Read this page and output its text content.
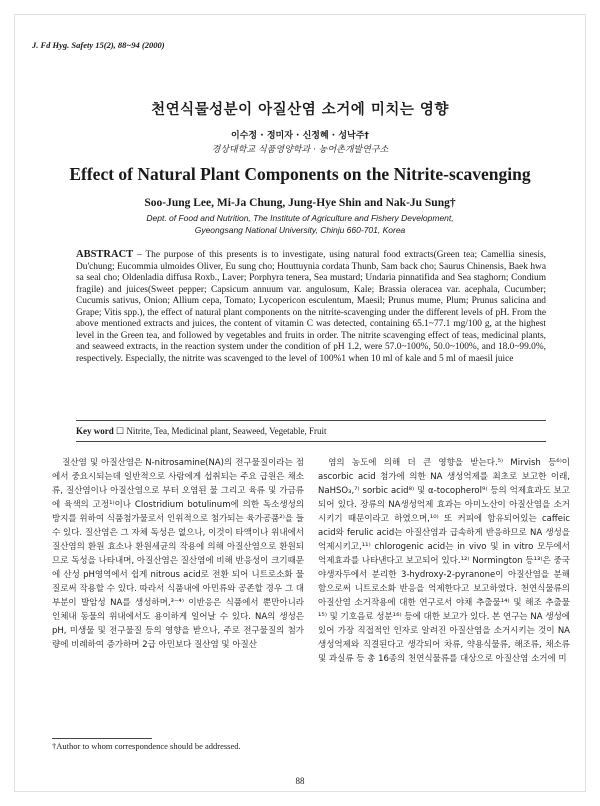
J. Fd Hyg. Safety 15(2), 88~94 (2000)
천연식물성분이 아질산염 소거에 미치는 영향
이수정 · 정미자 · 신정혜 · 성낙주†
경상대학교 식품영양학과 · 농어촌개발연구소
Effect of Natural Plant Components on the Nitrite-scavenging
Soo-Jung Lee, Mi-Ja Chung, Jung-Hye Shin and Nak-Ju Sung†
Dept. of Food and Nutrition, The Institute of Agriculture and Fishery Development,
Gyeongsang National University, Chinju 660-701, Korea
ABSTRACT – The purpose of this presents is to investigate, using natural food extracts(Green tea; Camellia sinesis, Du'chung; Eucommia ulmoides Oliver, Eu sung cho; Houttuynia cordata Thunb, Sam back cho; Saurus Chinensis, Baek hwa sa seal cho; Oldenladia diffusa Roxb., Laver; Porphyra tenera, Sea mustard; Undaria pinnatifida and Sea staghorn; Condium fragile) and juices(Sweet pepper; Capsicum annuum var. angulosum, Kale; Brassia oleracea var. acephala, Cucumber; Cucumis sativus, Onion; Allium cepa, Tomato; Lycopericon esculentum, Maesil; Prunus mume, Plum; Prunus salicina and Grape; Vitis spp.), the effect of natural plant components on the nitrite-scavenging under the different levels of pH. From the above mentioned extracts and juices, the content of vitamin C was detected, containing 65.1~77.1 mg/100 g, at the highest level in the Green tea, and followed by vegetables and fruits in order. The nitrite scavenging effect of teas, medicinal plants, and seaweed extracts, in the reaction system under the condition of pH 1.2, were 57.0~100%, 50.0~100%, and 18.0~99.0%, respectively. Especially, the nitrite was scavenged to the level of 100%1 when 10 ml of kale and 5 ml of maesil juice
Key word ☐ Nitrite, Tea, Medicinal plant, Seaweed, Vegetable, Fruit

질산염 및 아질산염은 N-nitrosamine(NA)의 전구물질이라는 점에서 중요시되는데 일반적으로 사람에게 섭취되는 주요 급원은 채소류, 질산염이나 아질산염으로 부터 오염된 물 그리고 육류 및 가금류에 육색의 고정¹⁾이나 Clostridium botulinum에 의한 독소생성의 방지를 위하여 식품첨가물로서 인위적으로 첨가되는 육가공품²⁾을 들 수 있다. 질산염은 그 자체 독성은 없으나, 이것이 타액이나 위내에서 질산염의 환원 효소나 환원세균의 작용에 의해 아질산염으로 환원되므로 독성을 나타내며, 아질산염은 질산염에 비해 반응성이 크기때문에 산성 pH영역에서 쉽게 nitrous acid로 전환 되어 니트로소화 물질로써 작용할 수 있다. 따라서 식품내에 아민류와 공존할 경우 그 대부분이 발암성 NA를 생성하며,³⁻⁴⁾ 이반응은 식품에서 뿐만아니라 인체내 동물의 위내에서도 용이하게 일어날 수 있다. NA의 생성은 pH, 미생물 및 전구물질 등의 영향을 받으나, 주로 전구물질의 첨가량에 비례하여 증가하며 2급 아민보다 질산염 및 아질산

염의 농도에 의해 더 큰 영향을 받는다.⁵⁾ Mirvish 등⁶⁾이 ascorbic acid 첨가에 의한 NA 생성억제를 최초로 보고한 이래, NaHSO₃,⁷⁾ sorbic acid⁸⁾ 및 α-tocopherol⁹⁾ 등의 억제효과도 보고되어 있다. 장류의 NA생성억제 효과는 아미노산이 아질산염을 소거시키기 때문이라고 하였으며,¹⁰⁾ 또 커피에 함유되어있는 caffeic acid와 ferulic acid는 아질산염과 급속하게 반응하므로 NA 생성을 억제시키고,¹¹⁾ chlorogenic acid는 in vivo 및 in vitro 모두에서 억제효과를 나타낸다고 보고되어 있다.¹²⁾ Normington 등¹³⁾은 중국 야생자두에서 분리한 3-hydroxy-2-pyranone이 아질산염을 분해함으로써 니트로소화 반응을 억제한다고 보고하였다. 천연식물류의 아질산염 소거작용에 대한 연구로서 야채 추출물¹⁴⁾ 및 해조 추출물¹⁵⁾ 및 기호음료 성분¹⁶⁾ 등에 대한 보고가 있다. 본 연구는 NA 생성에 있어 가장 직접적인 인자로 알려진 아질산염을 소거시키는 것이 NA 생성억제와 직결된다고 생각되어 차류, 약용식물류, 해조류, 채소류 및 과실류 등 총 16종의 천연식물류를 대상으로 아질산염 소거에 미

†Author to whom correspondence should be addressed.
88
